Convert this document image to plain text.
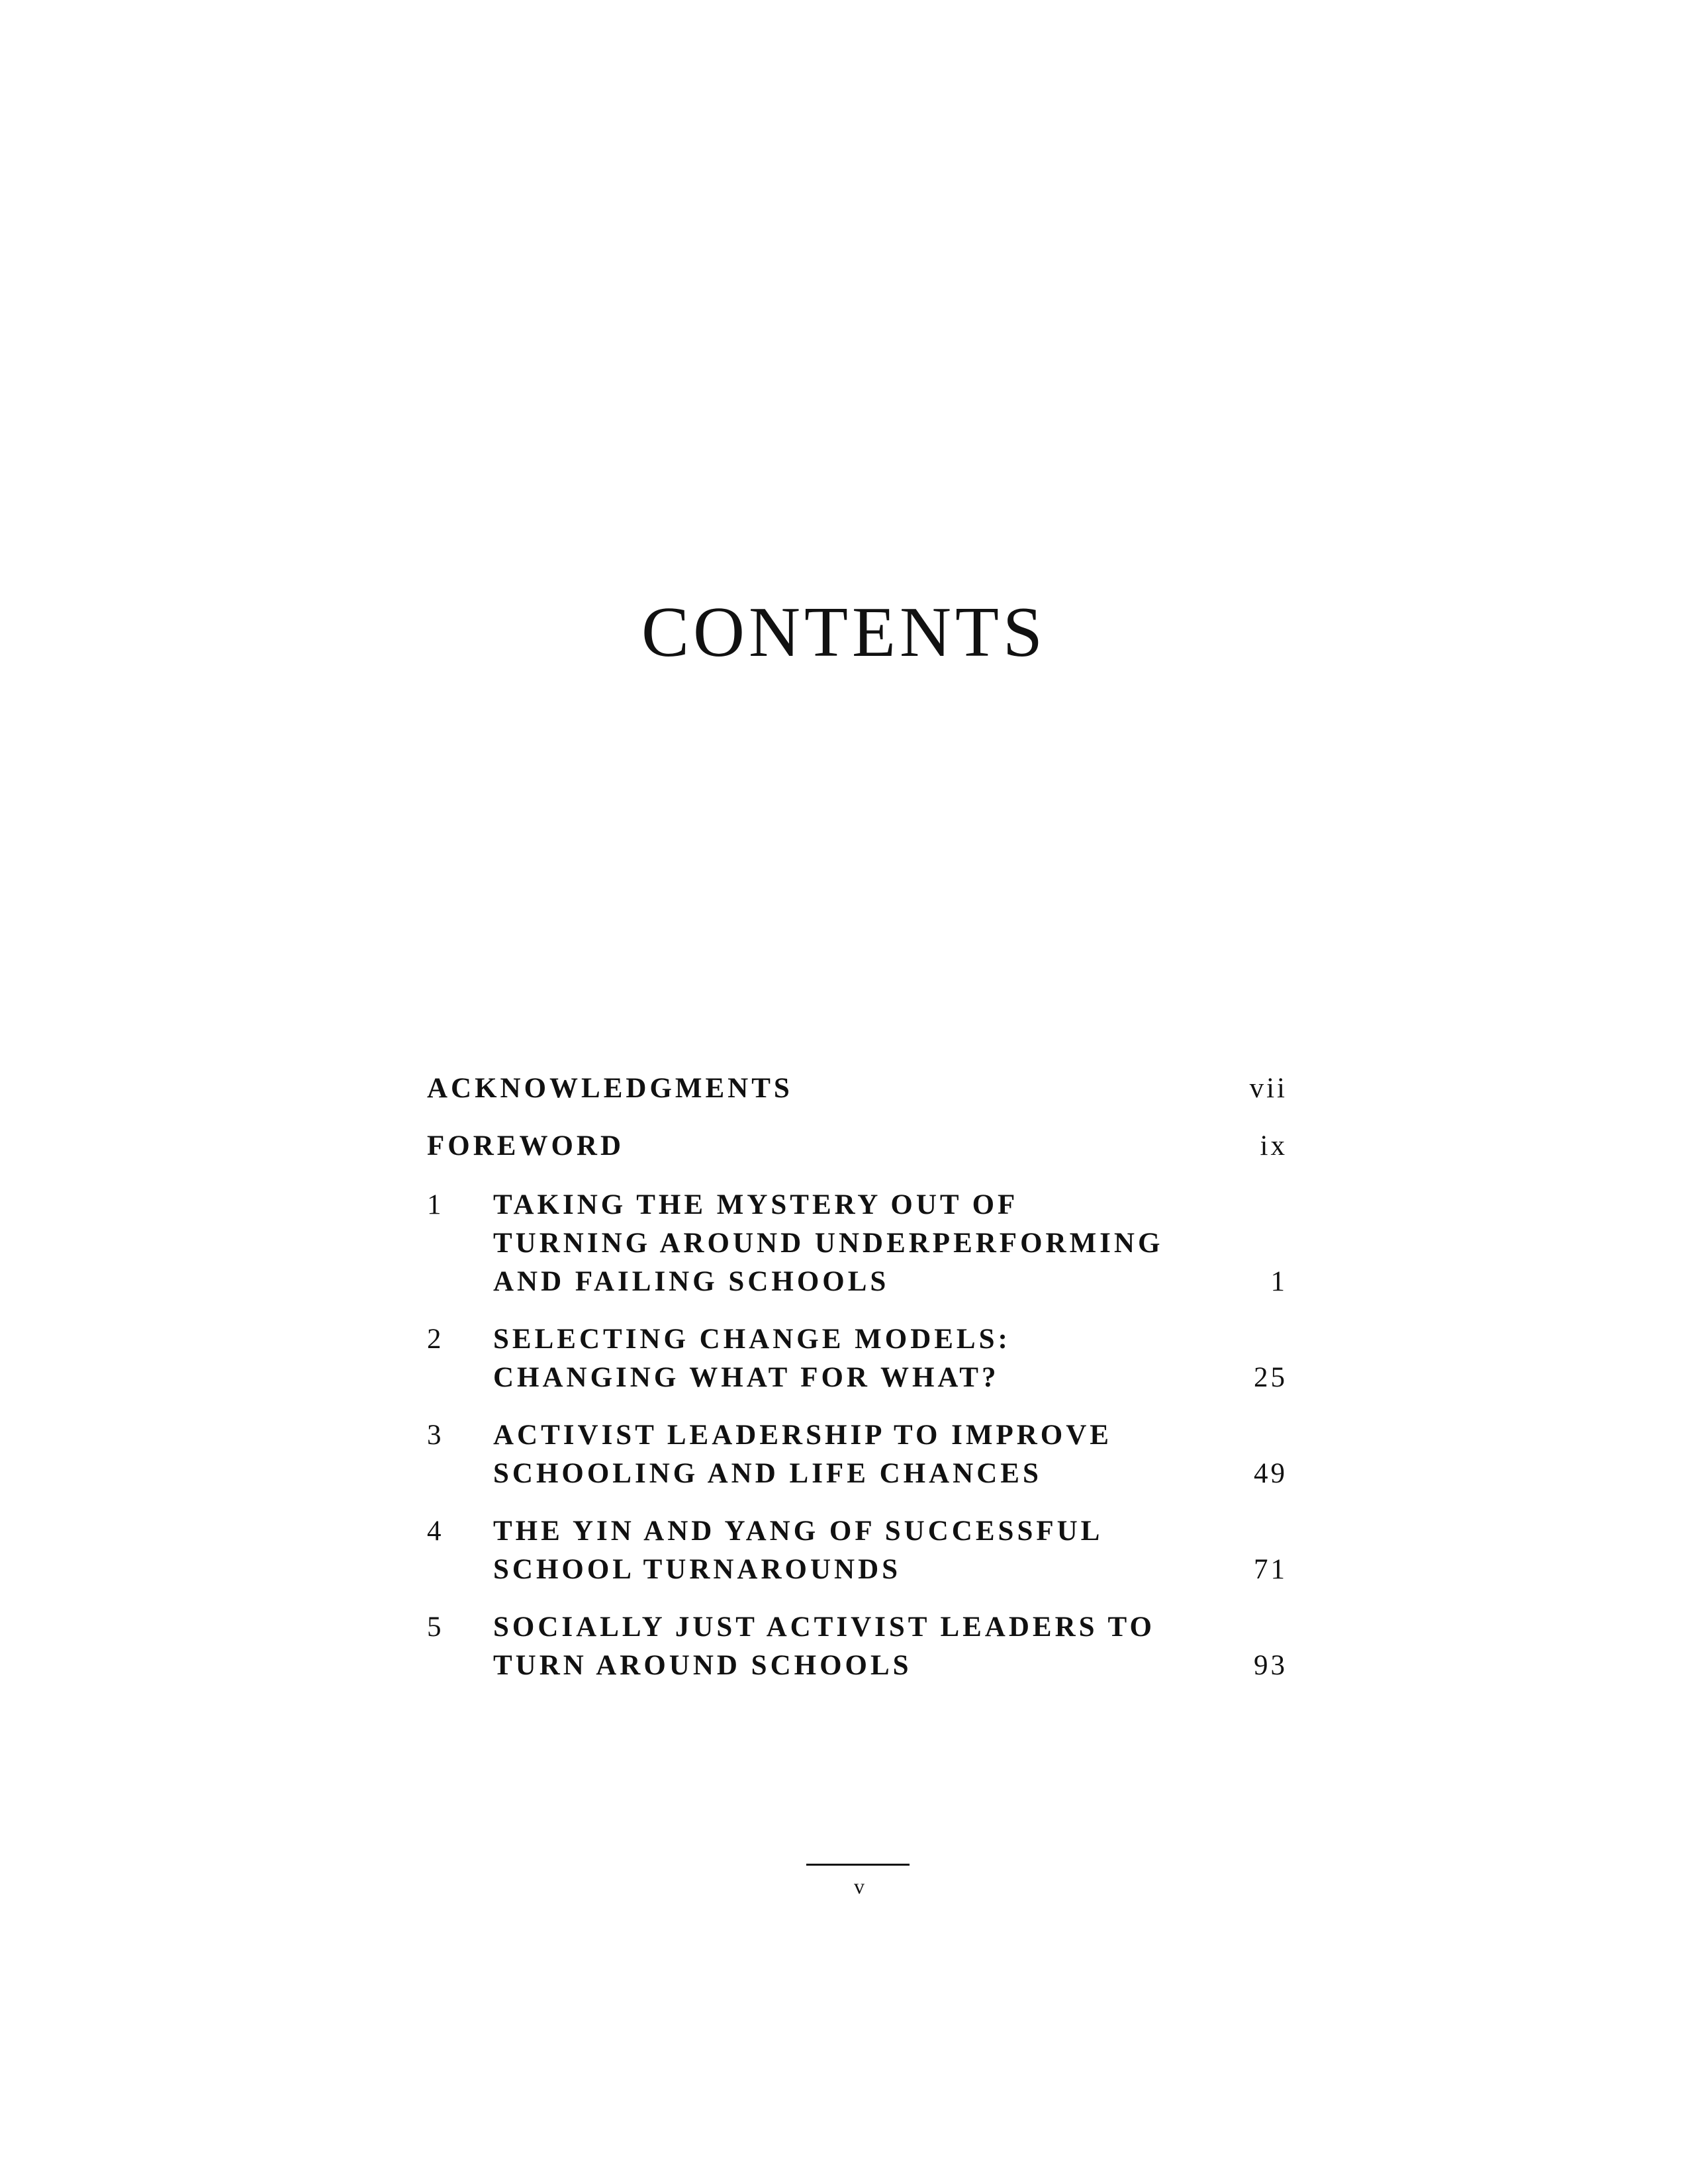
CONTENTS
ACKNOWLEDGMENTS	vii
FOREWORD	ix
1 TAKING THE MYSTERY OUT OF
TURNING AROUND UNDERPERFORMING
AND FAILING SCHOOLS	1
2 SELECTING CHANGE MODELS:
CHANGING WHAT FOR WHAT?	25
3 ACTIVIST LEADERSHIP TO IMPROVE
SCHOOLING AND LIFE CHANCES	49
4 THE YIN AND YANG OF SUCCESSFUL
SCHOOL TURNAROUNDS	71
5 SOCIALLY JUST ACTIVIST LEADERS TO
TURN AROUND SCHOOLS	93
v
